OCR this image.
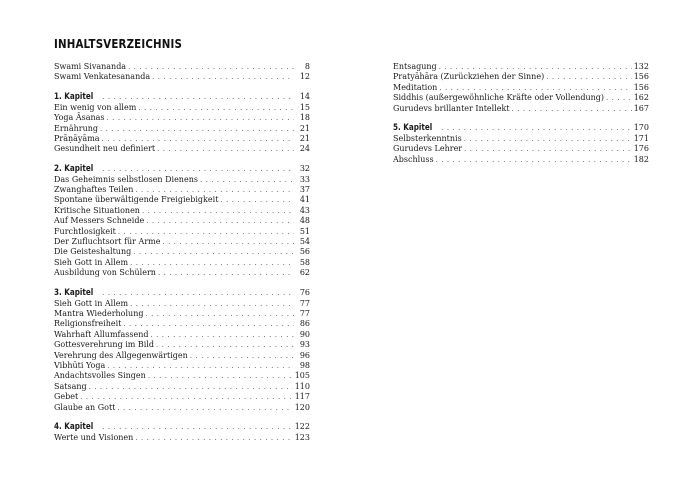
INHALTSVERZEICHNIS
Swami Sivananda . . .	8
Swami Venkatesananda . . .	12
1. Kapitel . . .	14
Ein wenig von allem . . .	15
Yoga Āsanas . . .	18
Ernährung . . .	21
Prāṇāyāma . . .	21
Gesundheit neu definiert . . .	24
2. Kapitel . . .	32
Das Geheimnis selbstlosen Dienens . . .	33
Zwanghaftes Teilen . . .	37
Spontane überwältigende Freigiebigkeit . . .	41
Kritische Situationen . . .	43
Auf Messers Schneide . . .	48
Furchtlosigkeit . . .	51
Der Zufluchtsort für Arme . . .	54
Die Geisteshaltung . . .	56
Sieh Gott in Allem . . .	58
Ausbildung von Schülern . . .	62
3. Kapitel . . .	76
Sieh Gott in Allem . . .	77
Mantra Wiederholung . . .	77
Religionsfreiheit . . .	86
Wahrhaft Allumfassend . . .	90
Gottesverehrung im Bild . . .	93
Verehrung des Allgegenwärtigen . . .	96
Vibhūti Yoga . . .	98
Andachtsvolles Singen . . .	105
Satsang . . .	110
Gebet . . .	117
Glaube an Gott . . .	120
4. Kapitel . . .	122
Werte und Visionen . . .	123
Entsagung . . .	132
Pratyāhāra (Zurückziehen der Sinne) . . .	156
Meditation . . .	156
Siddhis (außergewöhnliche Kräfte oder Vollendung) . . .	162
Gurudevs brillanter Intellekt . . .	167
5. Kapitel . . .	170
Selbsterkenntnis . . .	171
Gurudevs Lehrer . . .	176
Abschluss . . .	182
